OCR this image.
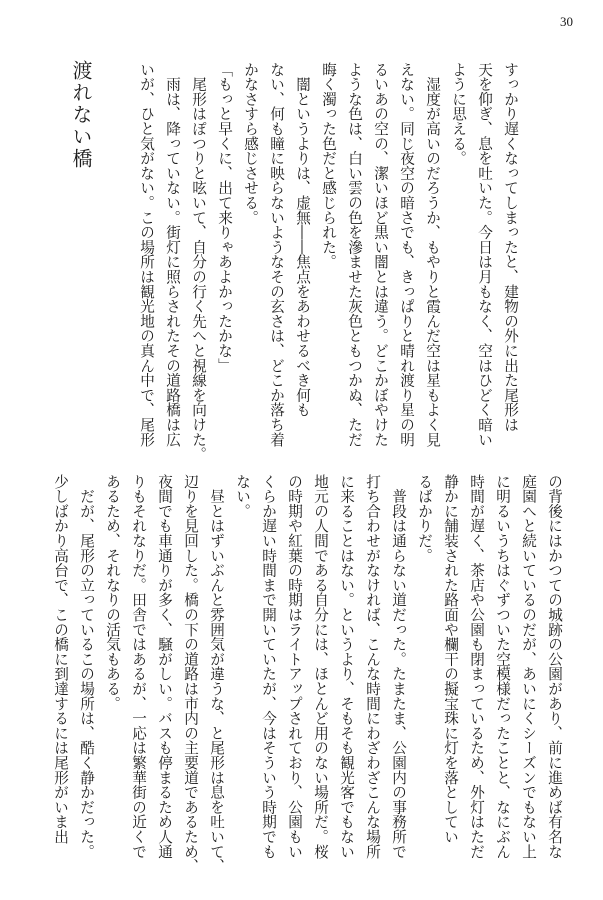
30
渡れない橋	すっかり遅くなってしまったと、建物の外に出た尾形は
天を仰ぎ、息を吐いた。今日は月もなく、空はひどく暗い
ように思える。
　湿度が高いのだろうか、もやりと霞んだ空は星もよく見
えない。同じ夜空の暗さでも、きっぱりと晴れ渡り星の明
るいあの空の、潔いほど黒い闇とは違う。どこかぼやけた
ような色は、白い雲の色を滲ませた灰色ともつかぬ、ただ
晦く濁った色だと感じられた。
　闇というよりは、虚無――焦点をあわせるべき何も
ない、何も瞳に映らないようなその玄さは、どこか落ち着
かなさすら感じさせる。
「もっと早くに、出て来りゃあよかったかな」
　尾形はぽつりと呟いて、自分の行く先へと視線を向けた。
　雨は、降っていない。街灯に照らされたその道路橋は広
いが、ひと気がない。この場所は観光地の真ん中で、尾形
の背後にはかつての城跡の公園があり、前に進めば有名な
庭園へと続いているのだが、あいにくシーズンでもない上
に明るいうちはぐずついた空模様だったことと、なにぶん
時間が遅く、茶店や公園も閉まっているため、外灯はただ
静かに舗装された路面や欄干の擬宝珠に灯を落としてい
るばかりだ。
　普段は通らない道だった。たまたま、公園内の事務所で
打ち合わせがなければ、こんな時間にわざわざこんな場所
に来ることはない。というより、そもそも観光客でもない
地元の人間である自分には、ほとんど用のない場所だ。桜
の時期や紅葉の時期はライトアップされており、公園もい
くらか遅い時間まで開いていたが、今はそういう時期でも
ない。
　昼とはずいぶんと雰囲気が違うな、と尾形は息を吐いて、
辺りを見回した。橋の下の道路は市内の主要道であるため、
夜間でも車通りが多く、騒がしい。バスも停まるため人通
りもそれなりだ。田舎ではあるが、一応は繁華街の近くで
あるため、それなりの活気もある。
　だが、尾形の立っているこの場所は、酷く静かだった。
少しばかり高台で、この橋に到達するには尾形がいま出
